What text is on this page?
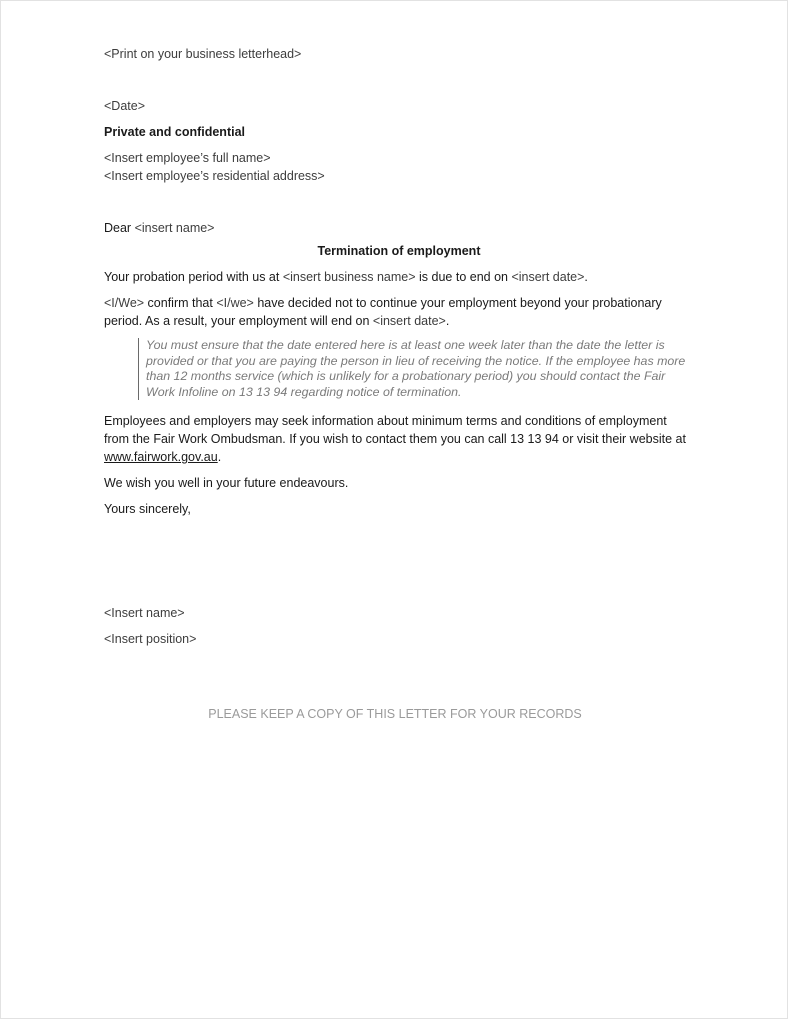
<Print on your business letterhead>

<Date>

Private and confidential

<Insert employee’s full name>

<Insert employee’s residential address>

Dear <insert name>

Termination of employment

Your probation period with us at <insert business name> is due to end on <insert date>.

<I/We> confirm that <I/we> have decided not to continue your employment beyond your probationary period. As a result, your employment will end on <insert date>.

You must ensure that the date entered here is at least one week later than the date the letter is provided or that you are paying the person in lieu of receiving the notice. If the employee has more than 12 months service (which is unlikely for a probationary period) you should contact the Fair Work Infoline on 13 13 94 regarding notice of termination.

Employees and employers may seek information about minimum terms and conditions of employment from the Fair Work Ombudsman. If you wish to contact them you can call 13 13 94 or visit their website at www.fairwork.gov.au.

We wish you well in your future endeavours.

Yours sincerely,

<Insert name>

<Insert position>

PLEASE KEEP A COPY OF THIS LETTER FOR YOUR RECORDS
